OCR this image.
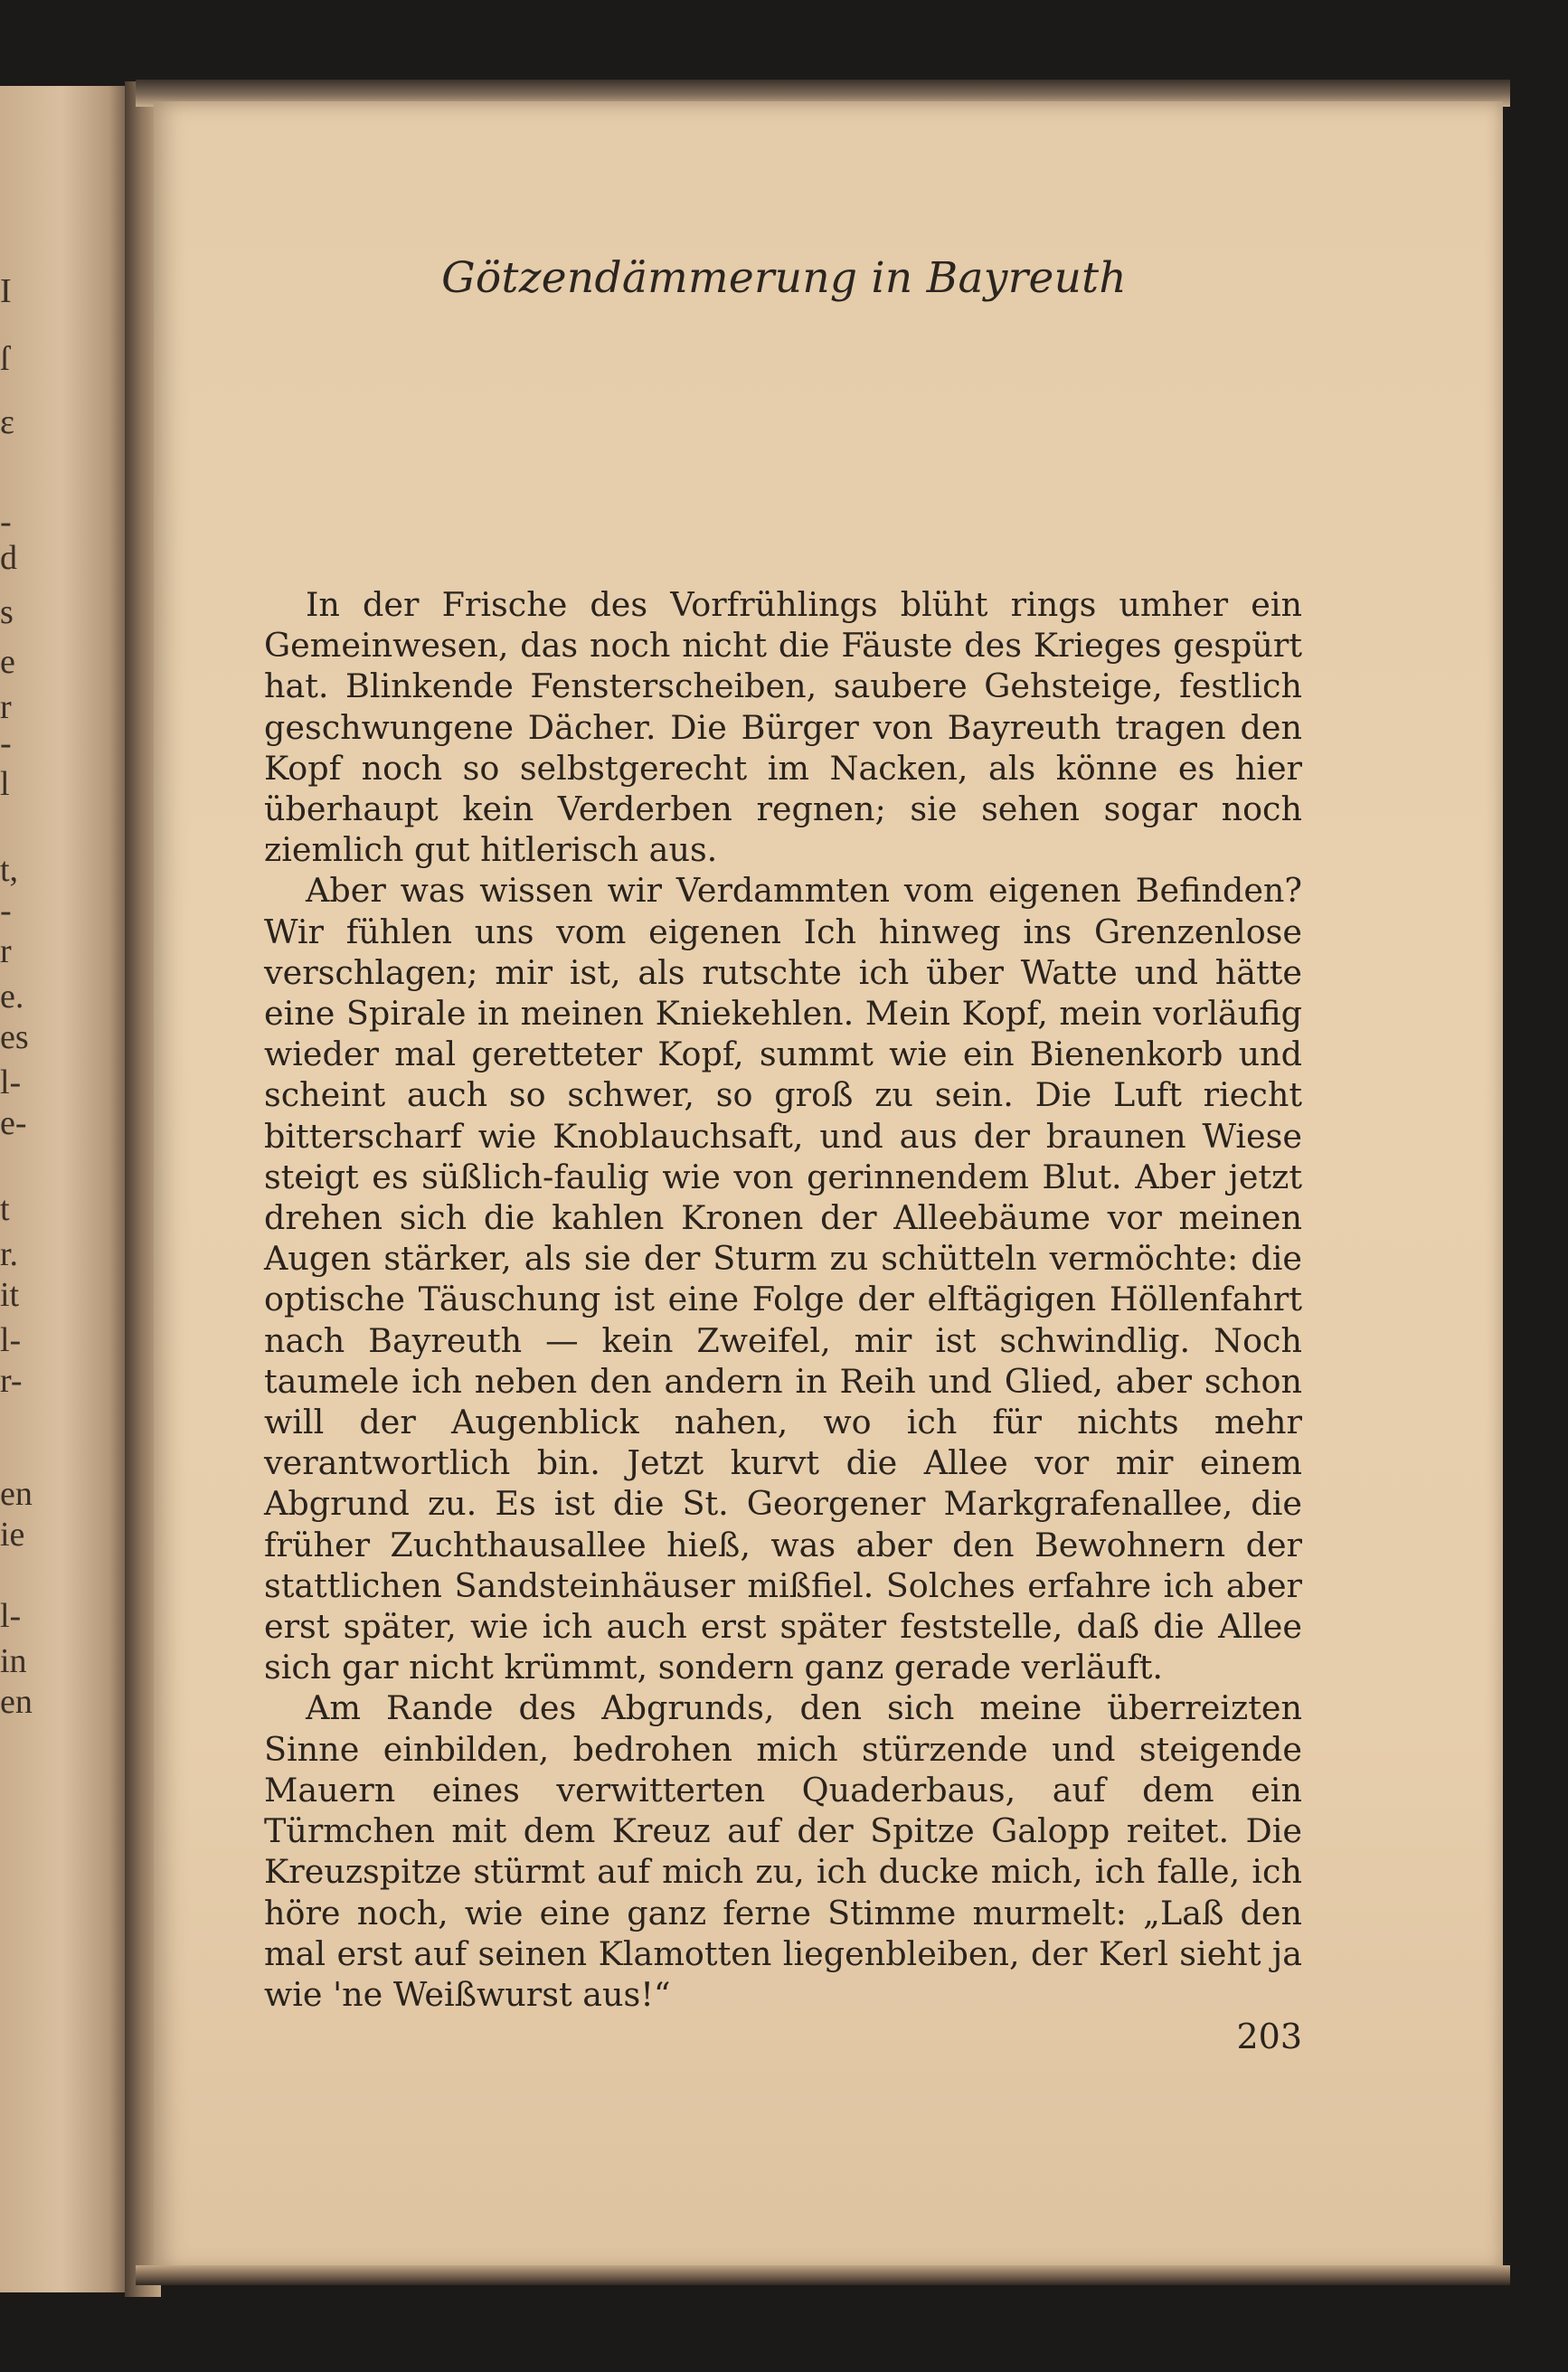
I
ſ
ɛ
-
d
s
e
r
-
l
t,
-
r
e.
es
l-
e-
t
r.
it
l-
r-
en
ie
l-
in
en
Götzendämmerung in Bayreuth

In der Frische des Vorfrühlings blüht rings umher ein Gemeinwesen, das noch nicht die Fäuste des Krieges gespürt hat. Blinkende Fensterscheiben, saubere Gehsteige, festlich geschwungene Dächer. Die Bürger von Bayreuth tragen den Kopf noch so selbstgerecht im Nacken, als könne es hier überhaupt kein Verderben regnen; sie sehen sogar noch ziemlich gut hitlerisch aus.

Aber was wissen wir Verdammten vom eigenen Befinden? Wir fühlen uns vom eigenen Ich hinweg ins Grenzenlose verschlagen; mir ist, als rutschte ich über Watte und hätte eine Spirale in meinen Kniekehlen. Mein Kopf, mein vorläufig wieder mal geretteter Kopf, summt wie ein Bienenkorb und scheint auch so schwer, so groß zu sein. Die Luft riecht bitterscharf wie Knoblauchsaft, und aus der braunen Wiese steigt es süßlich-faulig wie von gerinnendem Blut. Aber jetzt drehen sich die kahlen Kronen der Alleebäume vor meinen Augen stärker, als sie der Sturm zu schütteln vermöchte: die optische Täuschung ist eine Folge der elftägigen Höllenfahrt nach Bayreuth — kein Zweifel, mir ist schwindlig. Noch taumele ich neben den andern in Reih und Glied, aber schon will der Augenblick nahen, wo ich für nichts mehr verantwortlich bin. Jetzt kurvt die Allee vor mir einem Abgrund zu. Es ist die St. Georgener Markgrafenallee, die früher Zuchthausallee hieß, was aber den Bewohnern der stattlichen Sandsteinhäuser mißfiel. Solches erfahre ich aber erst später, wie ich auch erst später feststelle, daß die Allee sich gar nicht krümmt, sondern ganz gerade verläuft.

Am Rande des Abgrunds, den sich meine überreizten Sinne einbilden, bedrohen mich stürzende und steigende Mauern eines verwitterten Quaderbaus, auf dem ein Türmchen mit dem Kreuz auf der Spitze Galopp reitet. Die Kreuzspitze stürmt auf mich zu, ich ducke mich, ich falle, ich höre noch, wie eine ganz ferne Stimme murmelt: „Laß den mal erst auf seinen Klamotten liegenbleiben, der Kerl sieht ja wie 'ne Weißwurst aus!“

203
